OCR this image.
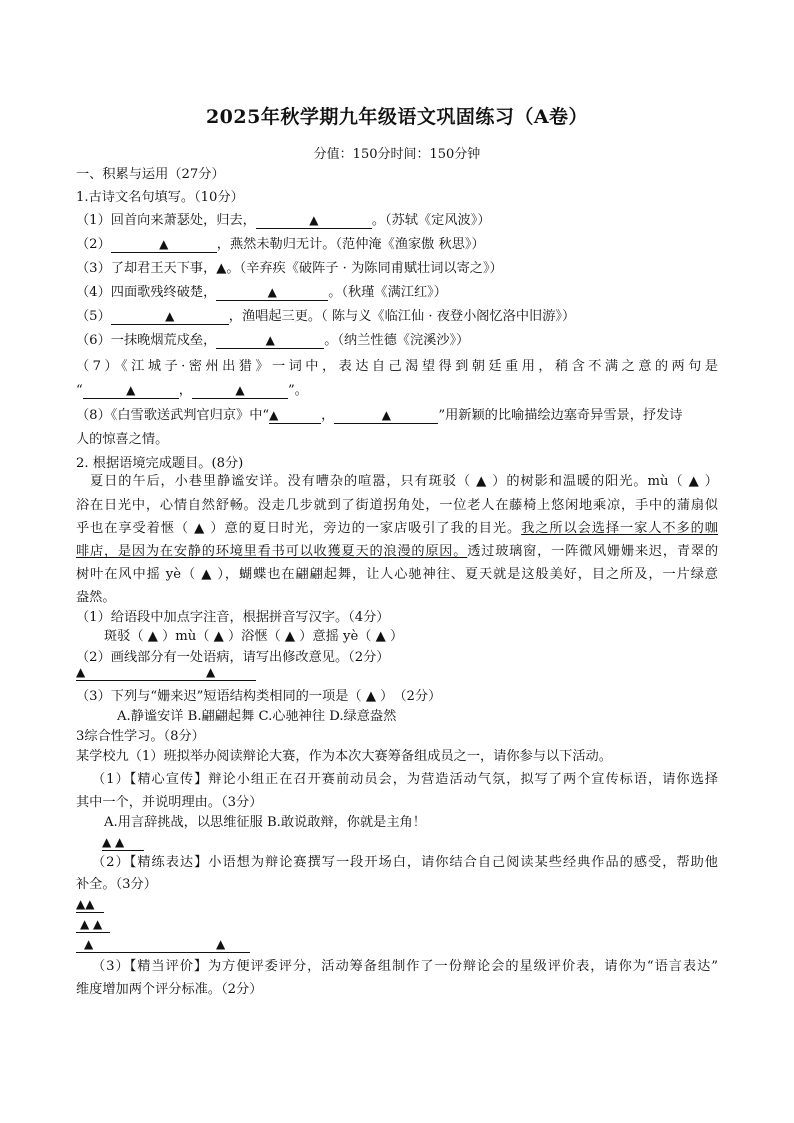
2025年秋学期九年级语文巩固练习（A卷）
分值：150分时间：150分钟
一、积累与运用（27分）
1.古诗文名句填写。（10分）
（1）回首向来萧瑟处，归去，	▲	。（苏轼《定风波》）
（2）	▲	，燕然未勒归无计。（范仲淹《渔家傲 秋思》）
（3）了却君王天下事，▲。（辛弃疾《破阵子 · 为陈同甫赋壮词以寄之》）
（4）四面歌残终破楚，	▲	。（秋瑾《满江红》）
（5）	▲	，渔唱起三更。（ 陈与义《临江仙 · 夜登小阁忆洛中旧游》）
（6）一抹晚烟荒戍垒，	▲	。（纳兰性德《浣溪沙》）
（7）《江城子·密州出猎》一词中，表达自己渴望得到朝廷重用，稍含不满之意的两句是
“	▲	，	▲	”。
（8）《白雪歌送武判官归京》中“▲	，	▲	”用新颖的比喻描绘边塞奇异雪景，抒发诗
人的惊喜之情。
2. 根据语境完成题目。(8分)
夏日的午后，小巷里静谧安详。没有嘈杂的喧嚣，只有斑驳（ ▲ ）的树影和温暖的阳光。mù（ ▲ ）
浴在日光中，心情自然舒畅。没走几步就到了街道拐角处，一位老人在藤椅上悠闲地乘凉，手中的蒲扇似
乎也在享受着惬（ ▲ ）意的夏日时光，旁边的一家店吸引了我的目光。我之所以会选择一家人不多的咖
啡店，是因为在安静的环境里看书可以收獲夏天的浪漫的原因。透过玻璃窗，一阵微风姗姗来迟，青翠的
树叶在风中摇 yè（ ▲ ），蝴蝶也在翩翩起舞，让人心驰神往、夏天就是这般美好，目之所及，一片绿意
盎然。
（1）给语段中加点字注音，根据拼音写汉字。（4分）
斑驳（ ▲ ）mù（ ▲ ）浴惬（ ▲ ）意摇 yè（ ▲ ）
（2）画线部分有一处语病，请写出修改意见。（2分）
▲	▲
（3）下列与“姗来迟”短语结构类相同的一项是（ ▲ ）　（2分）
A.静谧安详 B.翩翩起舞 C.心驰神往 D.绿意盎然
3综合性学习。（8分）
某学校九（1）班拟举办阅读辩论大赛，作为本次大赛筹备组成员之一，请你参与以下活动。
（1）【精心宣传】辩论小组正在召开赛前动员会，为营造活动气氛，拟写了两个宣传标语，请你选择
其中一个，并说明理由。（3分）
A.用言辞挑战，以思维征服 B.敢说敢辩，你就是主角！
▲ ▲
（2）【精练表达】小语想为辩论赛撰写一段开场白，请你结合自己阅读某些经典作品的感受，帮助他
补全。（3分）
▲▲
▲ ▲
▲	▲
（3）【精当评价】为方便评委评分，活动筹备组制作了一份辩论会的星级评价表，请你为“语言表达”
维度增加两个评分标准。（2分）
